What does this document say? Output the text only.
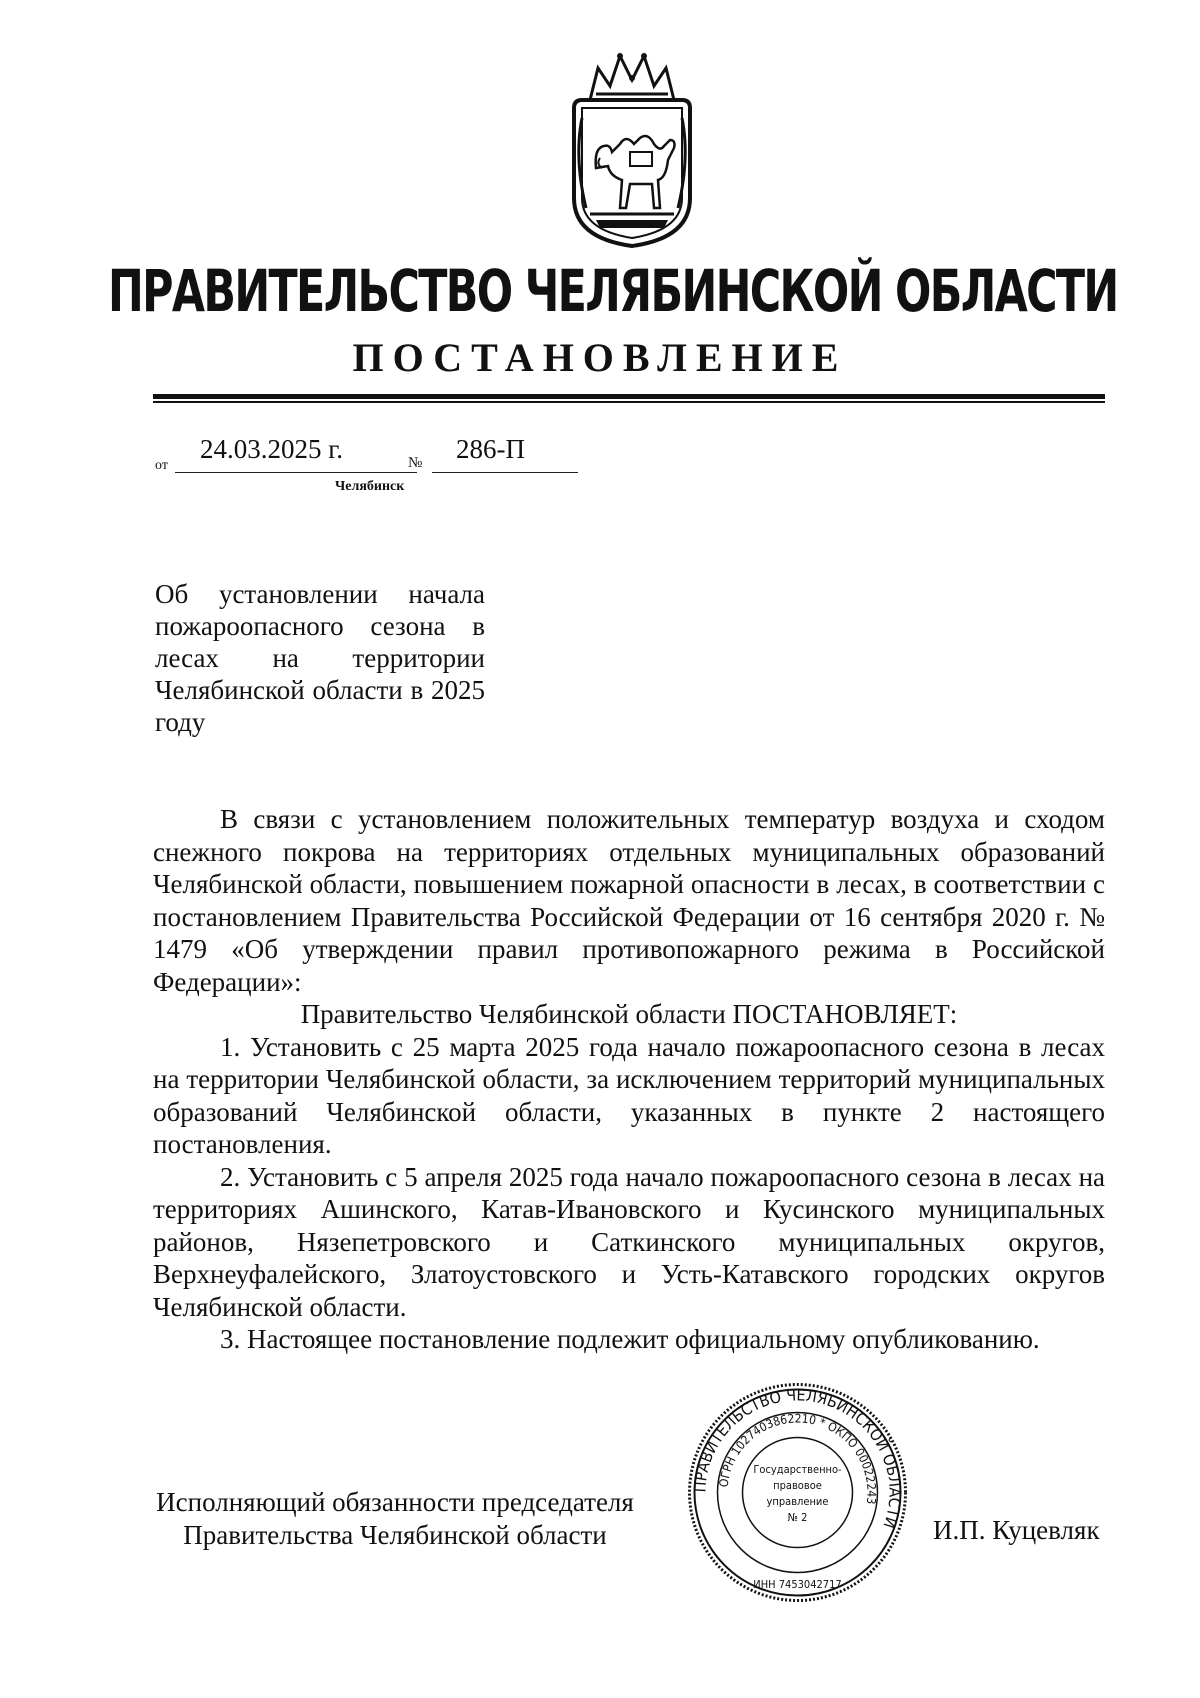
ПРАВИТЕЛЬСТВО ЧЕЛЯБИНСКОЙ ОБЛАСТИ
ПОСТАНОВЛЕНИЕ
от
24.03.2025 г.	№ 286-П
Челябинск
Об установлении начала пожароопасного сезона в лесах на территории Челябинской области в 2025 году

В связи с установлением положительных температур воздуха и сходом снежного покрова на территориях отдельных муниципальных образований Челябинской области, повышением пожарной опасности в лесах, в соответствии с постановлением Правительства Российской Федерации от 16 сентября 2020 г. № 1479 «Об утверждении правил противопожарного режима в Российской Федерации»:

Правительство Челябинской области ПОСТАНОВЛЯЕТ:

1. Установить с 25 марта 2025 года начало пожароопасного сезона в лесах на территории Челябинской области, за исключением территорий муниципальных образований Челябинской области, указанных в пункте 2 настоящего постановления.

2. Установить с 5 апреля 2025 года начало пожароопасного сезона в лесах на территориях Ашинского, Катав-Ивановского и Кусинского муниципальных районов, Нязепетровского и Саткинского муниципальных округов, Верхнеуфалейского, Златоустовского и Усть-Катавского городских округов Челябинской области.

3. Настоящее постановление подлежит официальному опубликованию.

Исполняющий обязанности председателя
Правительства Челябинской области	И.П. Куцевляк
ПРАВИТЕЛЬСТВО ЧЕЛЯБИНСКОЙ ОБЛАСТИ
ОГРН 1027403862210 * ОКПО 00022243
ИНН 7453042717
Государственно-
правовое
управление
№ 2
